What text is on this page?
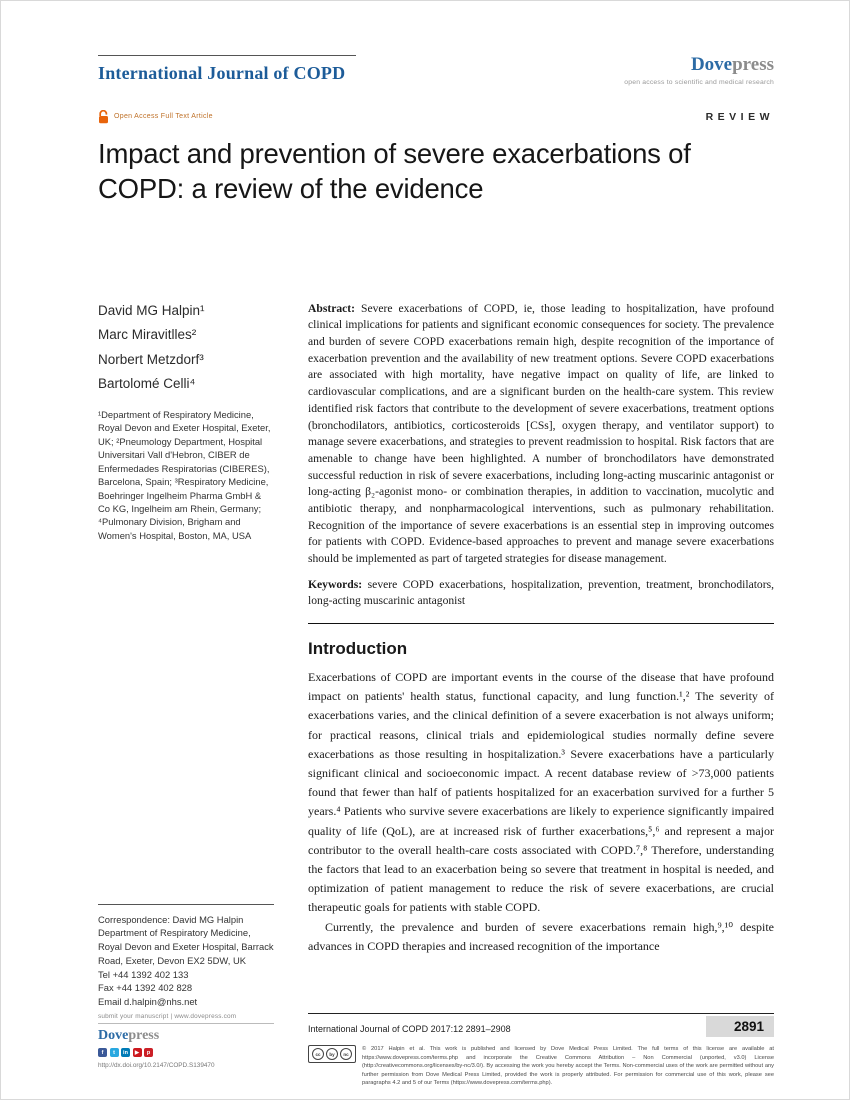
International Journal of COPD	Dovepress
open access to scientific and medical research
Open Access Full Text Article	REVIEW
Impact and prevention of severe exacerbations of COPD: a review of the evidence
David MG Halpin¹
Marc Miravitlles²
Norbert Metzdorf³
Bartolomé Celli⁴
¹Department of Respiratory Medicine, Royal Devon and Exeter Hospital, Exeter, UK; ²Pneumology Department, Hospital Universitari Vall d'Hebron, CIBER de Enfermedades Respiratorias (CIBERES), Barcelona, Spain; ³Respiratory Medicine, Boehringer Ingelheim Pharma GmbH & Co KG, Ingelheim am Rhein, Germany; ⁴Pulmonary Division, Brigham and Women's Hospital, Boston, MA, USA
Correspondence: David MG Halpin
Department of Respiratory Medicine, Royal Devon and Exeter Hospital, Barrack Road, Exeter, Devon EX2 5DW, UK
Tel +44 1392 402 133
Fax +44 1392 402 828
Email d.halpin@nhs.net

Abstract: Severe exacerbations of COPD, ie, those leading to hospitalization, have profound clinical implications for patients and significant economic consequences for society. The prevalence and burden of severe COPD exacerbations remain high, despite recognition of the importance of exacerbation prevention and the availability of new treatment options. Severe COPD exacerbations are associated with high mortality, have negative impact on quality of life, are linked to cardiovascular complications, and are a significant burden on the health-care system. This review identified risk factors that contribute to the development of severe exacerbations, treatment options (bronchodilators, antibiotics, corticosteroids [CSs], oxygen therapy, and ventilator support) to manage severe exacerbations, and strategies to prevent readmission to hospital. Risk factors that are amenable to change have been highlighted. A number of bronchodilators have demonstrated successful reduction in risk of severe exacerbations, including long-acting muscarinic antagonist or long-acting β₂-agonist mono- or combination therapies, in addition to vaccination, mucolytic and antibiotic therapy, and nonpharmacological interventions, such as pulmonary rehabilitation. Recognition of the importance of severe exacerbations is an essential step in improving outcomes for patients with COPD. Evidence-based approaches to prevent and manage severe exacerbations should be implemented as part of targeted strategies for disease management.

Keywords: severe COPD exacerbations, hospitalization, prevention, treatment, bronchodilators, long-acting muscarinic antagonist

Introduction

Exacerbations of COPD are important events in the course of the disease that have profound impact on patients' health status, functional capacity, and lung function.¹,² The severity of exacerbations varies, and the clinical definition of a severe exacerbation is not always uniform; for practical reasons, clinical trials and epidemiological studies normally define severe exacerbations as those resulting in hospitalization.³ Severe exacerbations have a particularly significant clinical and socioeconomic impact. A recent database review of >73,000 patients found that fewer than half of patients hospitalized for an exacerbation survived for a further 5 years.⁴ Patients who survive severe exacerbations are likely to experience significantly impaired quality of life (QoL), are at increased risk of further exacerbations,⁵,⁶ and represent a major contributor to the overall health-care costs associated with COPD.⁷,⁸ Therefore, understanding the factors that lead to an exacerbation being so severe that treatment in hospital is needed, and optimization of patient management to reduce the risk of severe exacerbations, are crucial therapeutic goals for patients with stable COPD.

Currently, the prevalence and burden of severe exacerbations remain high,⁹,¹⁰ despite advances in COPD therapies and increased recognition of the importance

submit your manuscript | www.dovepress.com
Dovepress
f	t	in	▶	p
http://dx.doi.org/10.2147/COPD.S139470
International Journal of COPD 2017:12 2891–2908	2891
cc	by	nc
© 2017 Halpin et al. This work is published and licensed by Dove Medical Press Limited. The full terms of this license are available at https://www.dovepress.com/terms.php and incorporate the Creative Commons Attribution – Non Commercial (unported, v3.0) License (http://creativecommons.org/licenses/by-nc/3.0/). By accessing the work you hereby accept the Terms. Non-commercial uses of the work are permitted without any further permission from Dove Medical Press Limited, provided the work is properly attributed. For permission for commercial use of this work, please see paragraphs 4.2 and 5 of our Terms (https://www.dovepress.com/terms.php).
